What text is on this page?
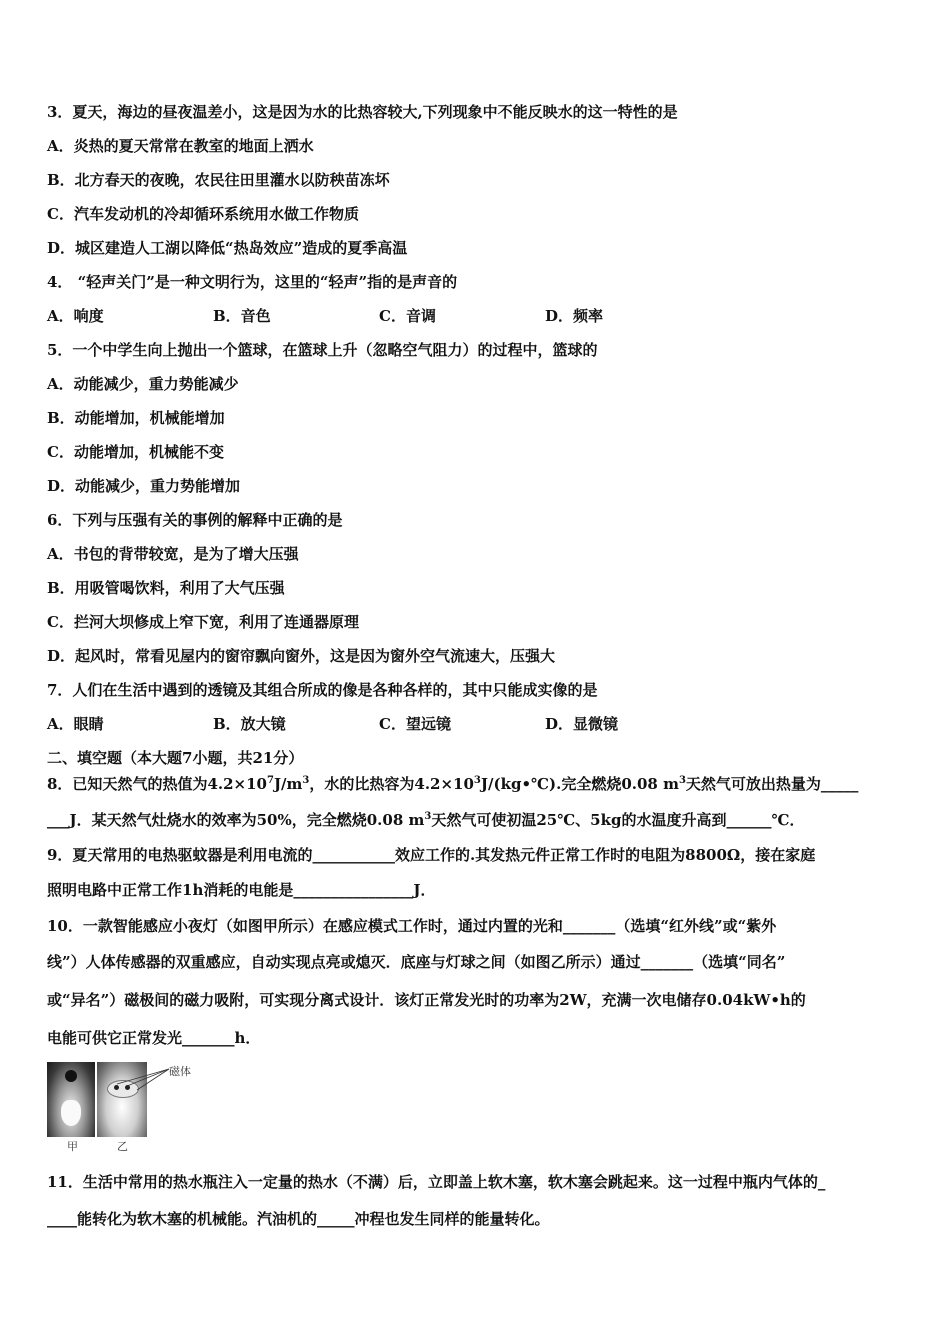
3．夏天，海边的昼夜温差小，这是因为水的比热容较大,下列现象中不能反映水的这一特性的是
A．炎热的夏天常常在教室的地面上洒水
B．北方春天的夜晚，农民往田里灌水以防秧苗冻坏
C．汽车发动机的冷却循环系统用水做工作物质
D．城区建造人工湖以降低“热岛效应”造成的夏季高温
4． “轻声关门”是一种文明行为，这里的“轻声”指的是声音的
A．响度	B．音色	C．音调	D．频率
5．一个中学生向上抛出一个篮球，在篮球上升（忽略空气阻力）的过程中，篮球的
A．动能减少，重力势能减少
B．动能增加，机械能增加
C．动能增加，机械能不变
D．动能减少，重力势能增加
6．下列与压强有关的事例的解释中正确的是
A．书包的背带较宽，是为了增大压强
B．用吸管喝饮料，利用了大气压强
C．拦河大坝修成上窄下宽，利用了连通器原理
D．起风时，常看见屋内的窗帘飘向窗外，这是因为窗外空气流速大，压强大
7．人们在生活中遇到的透镜及其组合所成的像是各种各样的，其中只能成实像的是
A．眼睛	B．放大镜	C．望远镜	D．显微镜
二、填空题（本大题7小题，共21分）
8．已知天然气的热值为$4.2\times 10^7J/m^3$，水的比热容为$4.2\times 10^3J/(kg•℃)$.完全燃烧0.08 $m^3$天然气可放出热量为_____
___J．某天然气灶烧水的效率为50%，完全燃烧0.08 $m^3$天然气可使初温25℃、5kg的水温度升高到______℃．
9．夏天常用的电热驱蚊器是利用电流的___________效应工作的.其发热元件正常工作时的电阻为8800Ω，接在家庭
照明电路中正常工作1h消耗的电能是________________J．
10．一款智能感应小夜灯（如图甲所示）在感应模式工作时，通过内置的光和_______（选填“红外线”或“紫外
线”）人体传感器的双重感应，自动实现点亮或熄灭．底座与灯球之间（如图乙所示）通过_______（选填“同名”
或“异名”）磁极间的磁力吸附，可实现分离式设计．该灯正常发光时的功率为2W，充满一次电储存0.04kW•h的
电能可供它正常发光_______h．
磁体
甲	乙
11．生活中常用的热水瓶注入一定量的热水（不满）后，立即盖上软木塞，软木塞会跳起来。这一过程中瓶内气体的_
____能转化为软木塞的机械能。汽油机的_____冲程也发生同样的能量转化。
